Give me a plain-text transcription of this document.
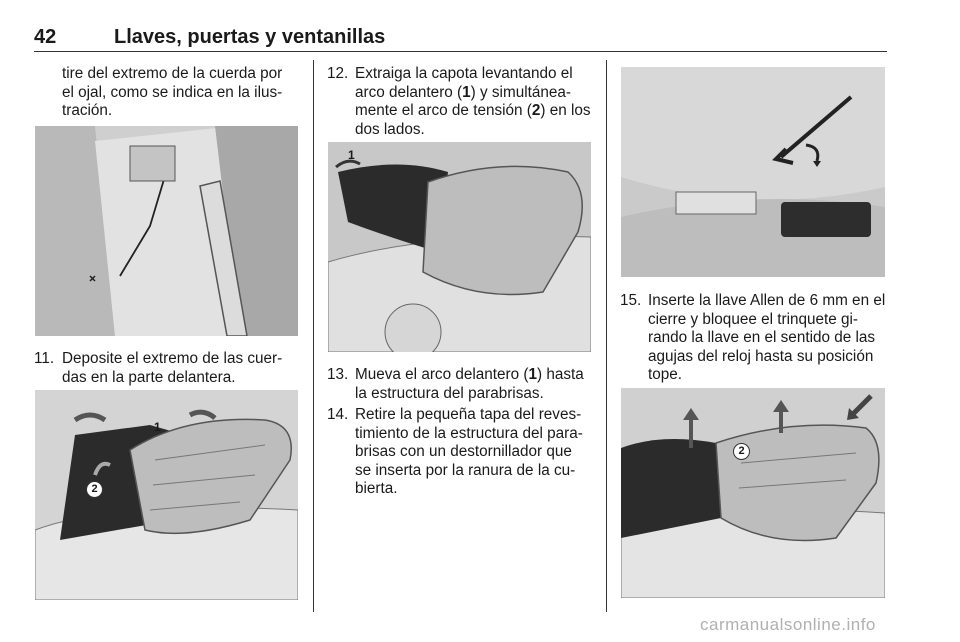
42	Llaves, puertas y ventanillas
tire del extremo de la cuerda por el ojal, como se indica en la ilus-tración.
11. Deposite el extremo de las cuer-das en la parte delantera.
1
2
12. Extraiga la capota levantando el arco delantero (1) y simultánea-mente el arco de tensión (2) en los dos lados.
1
13. Mueva el arco delantero (1) hasta la estructura del parabrisas.
14. Retire la pequeña tapa del reves-timiento de la estructura del para-brisas con un destornillador que se inserta por la ranura de la cu-bierta.
15. Inserte la llave Allen de 6 mm en el cierre y bloquee el trinquete gi-rando la llave en el sentido de las agujas del reloj hasta su posición tope.
2
carmanualsonline.info
